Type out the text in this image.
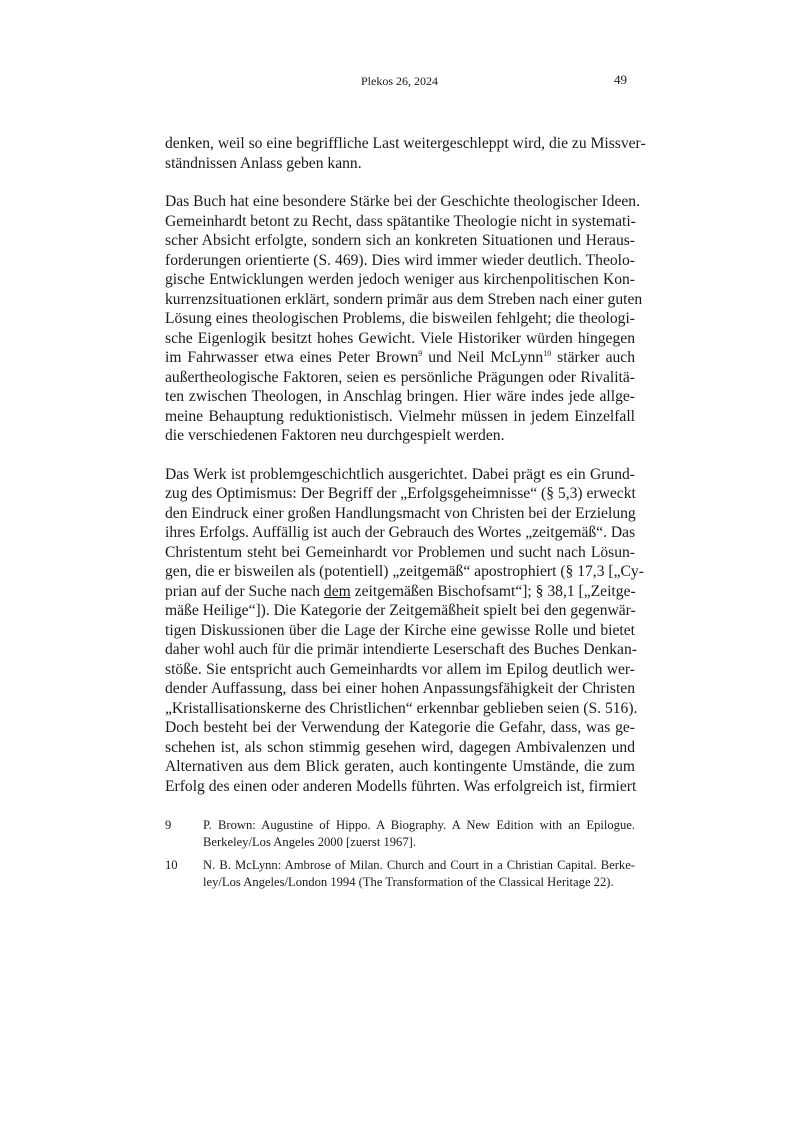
Plekos 26, 2024	49
denken, weil so eine begriffliche Last weitergeschleppt wird, die zu Missver-
ständnissen Anlass geben kann.
Das Buch hat eine besondere Stärke bei der Geschichte theologischer Ideen.
Gemeinhardt betont zu Recht, dass spätantike Theologie nicht in systemati-
scher Absicht erfolgte, sondern sich an konkreten Situationen und Heraus-
forderungen orientierte (S. 469). Dies wird immer wieder deutlich. Theolo-
gische Entwicklungen werden jedoch weniger aus kirchenpolitischen Kon-
kurrenzsituationen erklärt, sondern primär aus dem Streben nach einer guten
Lösung eines theologischen Problems, die bisweilen fehlgeht; die theologi-
sche Eigenlogik besitzt hohes Gewicht. Viele Historiker würden hingegen
im Fahrwasser etwa eines Peter Brown$^9$ und Neil McLynn$^{10}$ stärker auch
außertheologische Faktoren, seien es persönliche Prägungen oder Rivalitä-
ten zwischen Theologen, in Anschlag bringen. Hier wäre indes jede allge-
meine Behauptung reduktionistisch. Vielmehr müssen in jedem Einzelfall
die verschiedenen Faktoren neu durchgespielt werden.
Das Werk ist problemgeschichtlich ausgerichtet. Dabei prägt es ein Grund-
zug des Optimismus: Der Begriff der „Erfolgsgeheimnisse“ (§ 5,3) erweckt
den Eindruck einer großen Handlungsmacht von Christen bei der Erzielung
ihres Erfolgs. Auffällig ist auch der Gebrauch des Wortes „zeitgemäß“. Das
Christentum steht bei Gemeinhardt vor Problemen und sucht nach Lösun-
gen, die er bisweilen als (potentiell) „zeitgemäß“ apostrophiert (§ 17,3 [„Cy-
prian auf der Suche nach dem zeitgemäßen Bischofsamt“]; § 38,1 [„Zeitge-
mäße Heilige“]). Die Kategorie der Zeitgemäßheit spielt bei den gegenwär-
tigen Diskussionen über die Lage der Kirche eine gewisse Rolle und bietet
daher wohl auch für die primär intendierte Leserschaft des Buches Denkan-
stöße. Sie entspricht auch Gemeinhardts vor allem im Epilog deutlich wer-
dender Auffassung, dass bei einer hohen Anpassungsfähigkeit der Christen
„Kristallisationskerne des Christlichen“ erkennbar geblieben seien (S. 516).
Doch besteht bei der Verwendung der Kategorie die Gefahr, dass, was ge-
schehen ist, als schon stimmig gesehen wird, dagegen Ambivalenzen und
Alternativen aus dem Blick geraten, auch kontingente Umstände, die zum
Erfolg des einen oder anderen Modells führten. Was erfolgreich ist, firmiert
9	P. Brown: Augustine of Hippo. A Biography. A New Edition with an Epilogue.
Berkeley/Los Angeles 2000 [zuerst 1967].
10	N. B. McLynn: Ambrose of Milan. Church and Court in a Christian Capital. Berke-
ley/Los Angeles/London 1994 (The Transformation of the Classical Heritage 22).
